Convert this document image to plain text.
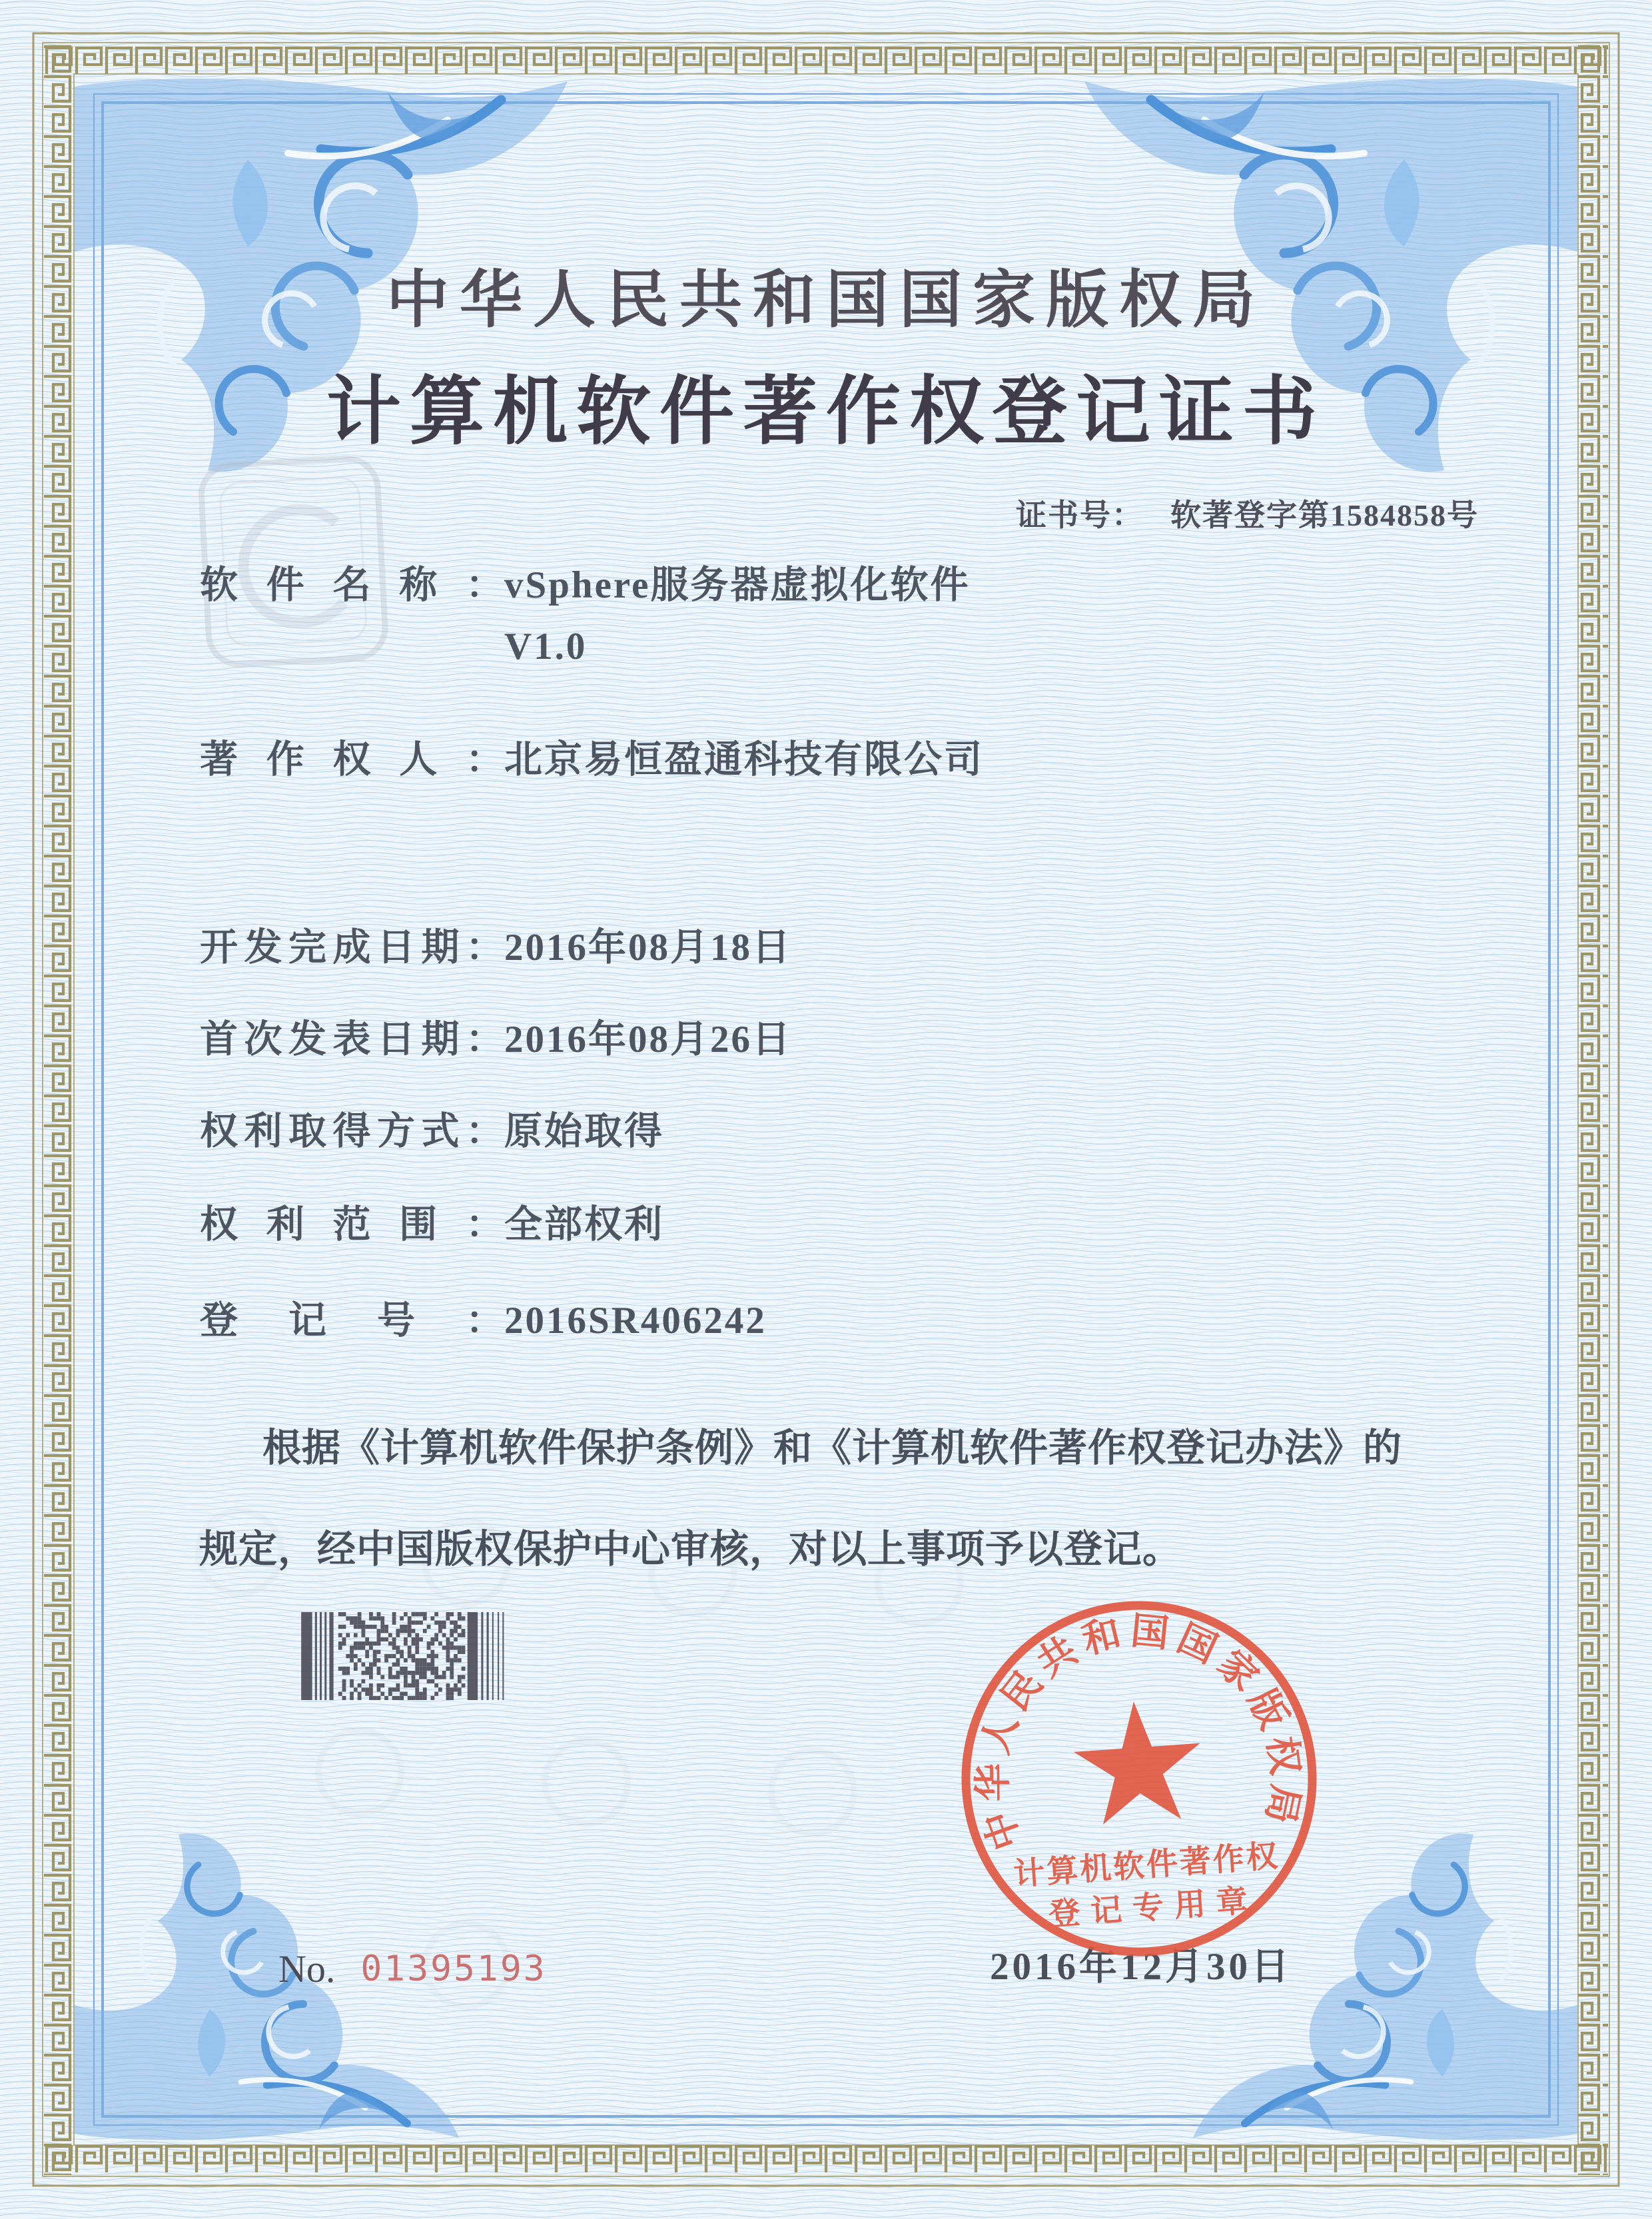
中华人民共和国国家版权局
计算机软件著作权登记证书
证书号： 软著登字第1584858号
软件名称： vSphere服务器虚拟化软件
V1.0
著作权人： 北京易恒盈通科技有限公司
开发完成日期： 2016年08月18日
首次发表日期： 2016年08月26日
权利取得方式： 原始取得
权利范围： 全部权利
登记号： 2016SR406242
根据《计算机软件保护条例》和《计算机软件著作权登记办法》的
规定，经中国版权保护中心审核，对以上事项予以登记。
2016年12月30日
中华人民共和国国家版权局
计算机软件著作权
登记专用章
No. 01395193
